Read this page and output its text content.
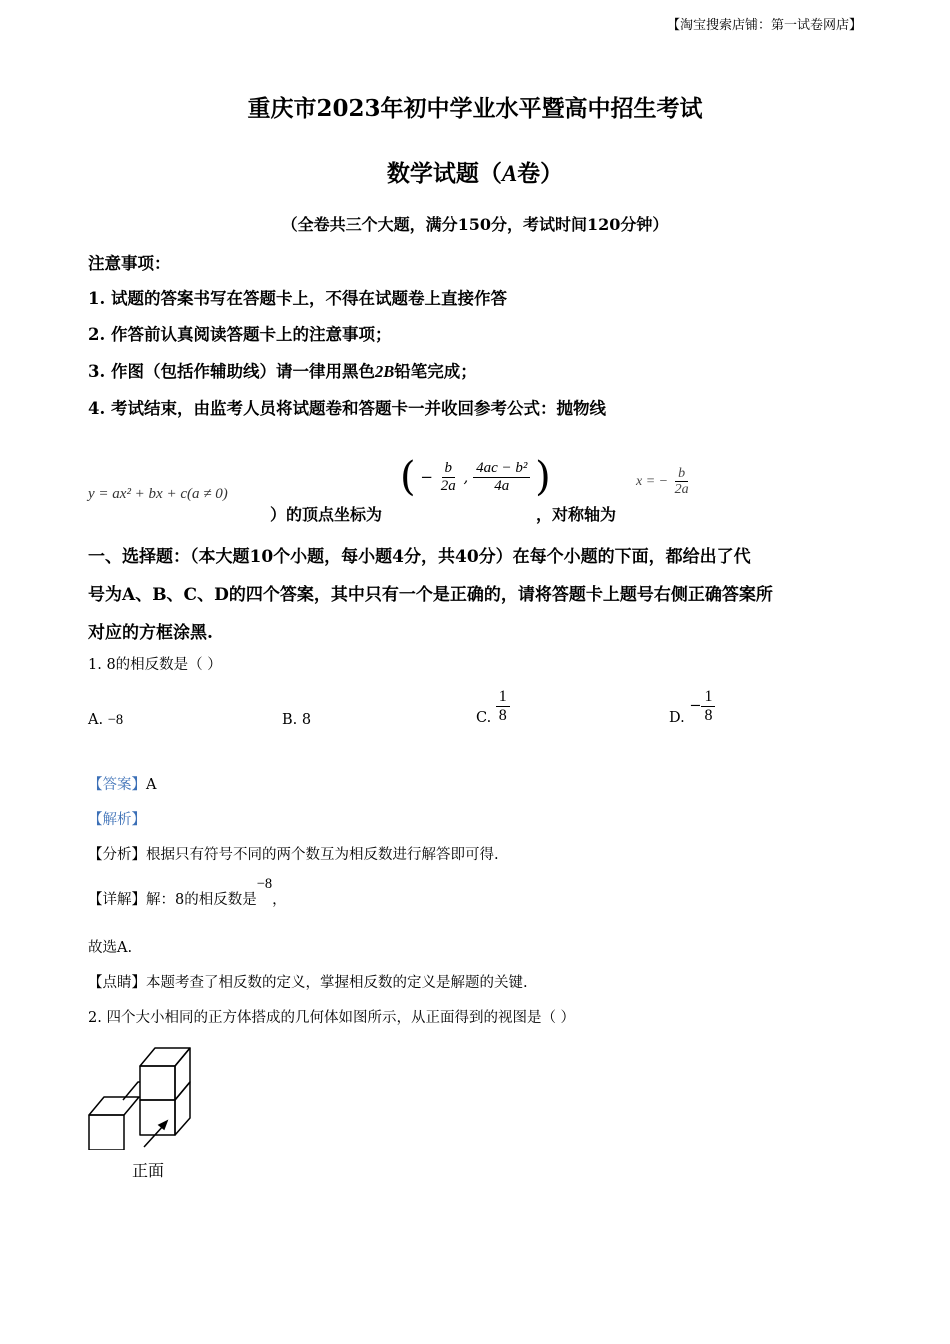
【淘宝搜索店铺：第一试卷网店】
重庆市2023年初中学业水平暨高中招生考试
数学试题（A卷）
（全卷共三个大题，满分150分，考试时间120分钟）
注意事项：
1. 试题的答案书写在答题卡上，不得在试题卷上直接作答
2. 作答前认真阅读答题卡上的注意事项；
3. 作图（包括作辅助线）请一律用黑色2B铅笔完成；
4. 考试结束，由监考人员将试题卷和答题卡一并收回参考公式：抛物线
y = ax² + bx + c(a ≠ 0)
）的顶点坐标为
( − $\frac{b}{2a}$ , $\frac{\text{4ac − b²}}{4a}$ )
，对称轴为
x = − $\frac{b}{2a}$
一、选择题：（本大题10个小题，每小题4分，共40分）在每个小题的下面，都给出了代
号为A、B、C、D的四个答案，其中只有一个是正确的，请将答题卡上题号右侧正确答案所
对应的方框涂黑.
1. 8的相反数是（ ）
A. −8	B. 8	C. $\frac{1}{8}$	D. − $\frac{1}{8}$
【答案】A
【解析】
【分析】根据只有符号不同的两个数互为相反数进行解答即可得.
【详解】解：8的相反数是−8，
故选A.
【点睛】本题考查了相反数的定义，掌握相反数的定义是解题的关键.
2. 四个大小相同的正方体搭成的几何体如图所示，从正面得到的视图是（ ）
正面
